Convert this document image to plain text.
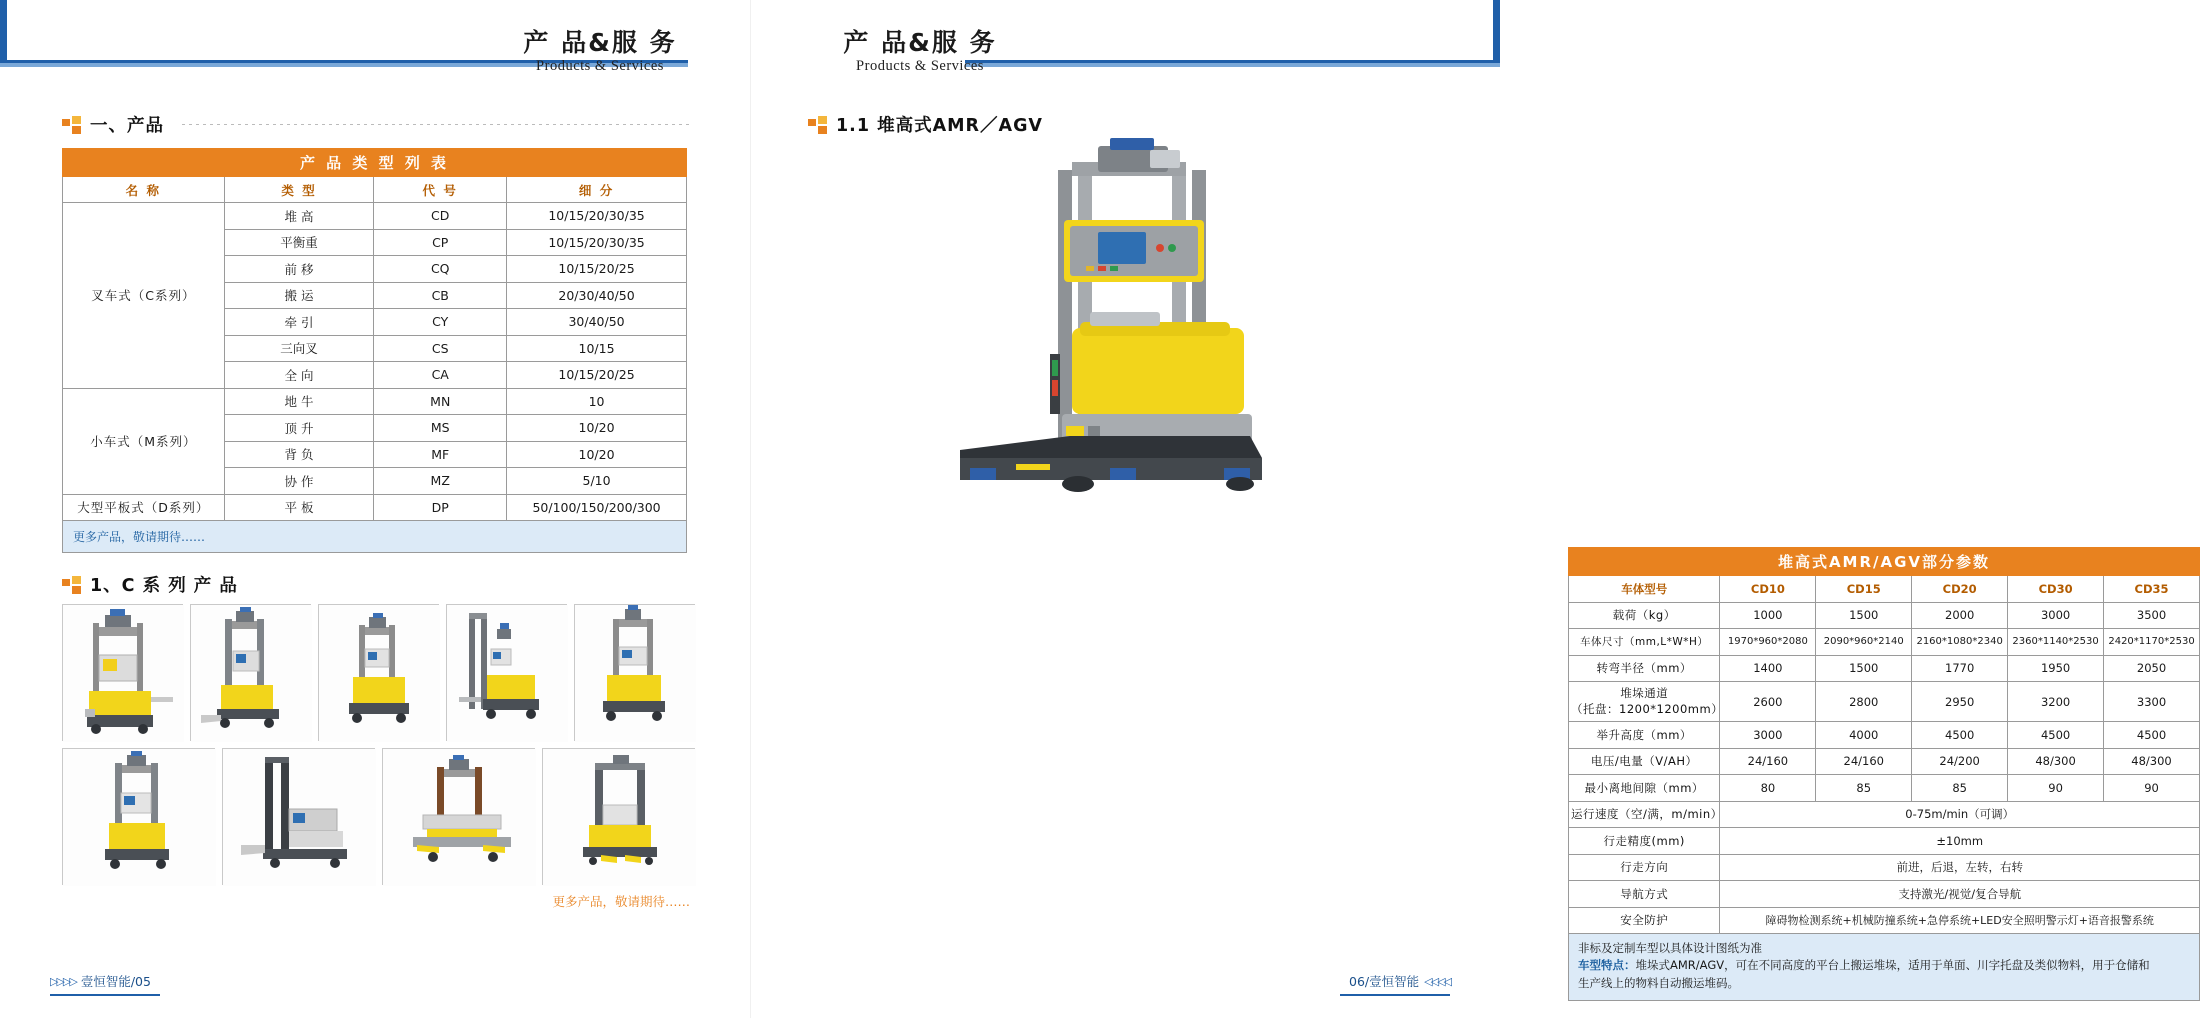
产 品&服 务
Products & Services
一、产品
产 品 类 型 列 表			
名 称	类 型	代 号	细 分
叉车式（C系列）	堆 高	CD	10/15/20/30/35
	平衡重	CP	10/15/20/30/35
	前 移	CQ	10/15/20/25
	搬 运	CB	20/30/40/50
	牵 引	CY	30/40/50
	三向叉	CS	10/15
	全 向	CA	10/15/20/25
小车式（M系列）	地 牛	MN	10
	顶 升	MS	10/20
	背 负	MF	10/20
	协 作	MZ	5/10
大型平板式（D系列）	平 板	DP	50/100/150/200/300
更多产品，敬请期待……
1、C 系 列 产 品
更多产品，敬请期待……
▷▷▷▷ 壹恒智能/05
产 品&服 务
Products & Services
1.1 堆高式AMR／AGV
堆高式AMR/AGV部分参数					
车体型号	CD10	CD15	CD20	CD30	CD35
载荷（kg）	1000	1500	2000	3000	3500
车体尺寸（mm,L*W*H）	1970*960*2080	2090*960*2140	2160*1080*2340	2360*1140*2530	2420*1170*2530
转弯半径（mm）	1400	1500	1770	1950	2050
堆垛通道
（托盘：1200*1200mm）	2600	2800	2950	3200	3300
举升高度（mm）	3000	4000	4500	4500	4500
电压/电量（V/AH）	24/160	24/160	24/200	48/300	48/300
最小离地间隙（mm）	80	85	85	90	90
运行速度（空/满，m/min）	0-75m/min（可调）				
行走精度(mm)	±10mm				
行走方向	前进，后退，左转，右转				
导航方式	支持激光/视觉/复合导航				
安全防护	障碍物检测系统+机械防撞系统+急停系统+LED安全照明警示灯+语音报警系统				
非标及定制车型以具体设计图纸为准
车型特点：堆垛式AMR/AGV，可在不同高度的平台上搬运堆垛，适用于单面、川字托盘及类似物料，用于仓储和
生产线上的物料自动搬运堆码。
06/壹恒智能 ◁◁◁◁
